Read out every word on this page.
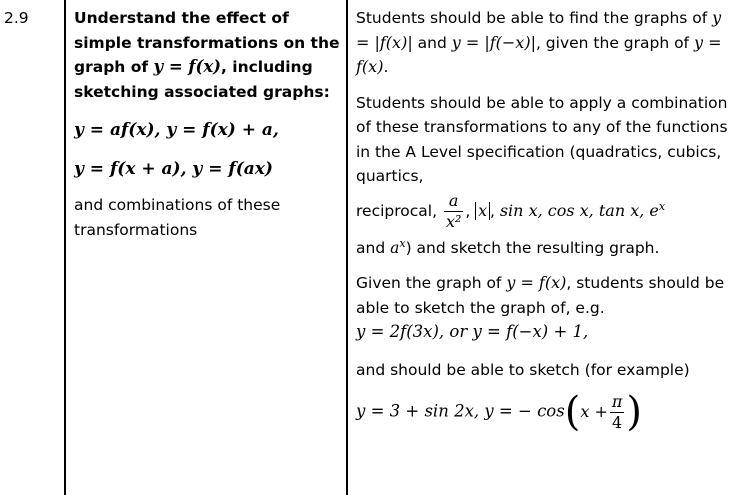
2.9	Understand the effect of simple transformations on the graph of y = f(x), including sketching associated graphs:

y = af(x), y = f(x) + a,

y = f(x + a), y = f(ax)

and combinations of these transformations

Students should be able to find the graphs of y = |f(x)| and y = |f(−x)|, given the graph of y = f(x).

Students should be able to apply a combination of these transformations to any of the functions in the A Level specification (quadratics, cubics, quartics,

reciprocal, $\frac{a}{\text{x²}}$ , x , sin x, cos x, tan x, $e^x$

and $a^x$) and sketch the resulting graph.

Given the graph of y = f(x), students should be able to sketch the graph of, e.g.

y = 2f(3x), or y = f(−x) + 1,

and should be able to sketch (for example)

y = 3 + sin 2x, y = − $\cos(x + \frac{\pi}{4}$ )
